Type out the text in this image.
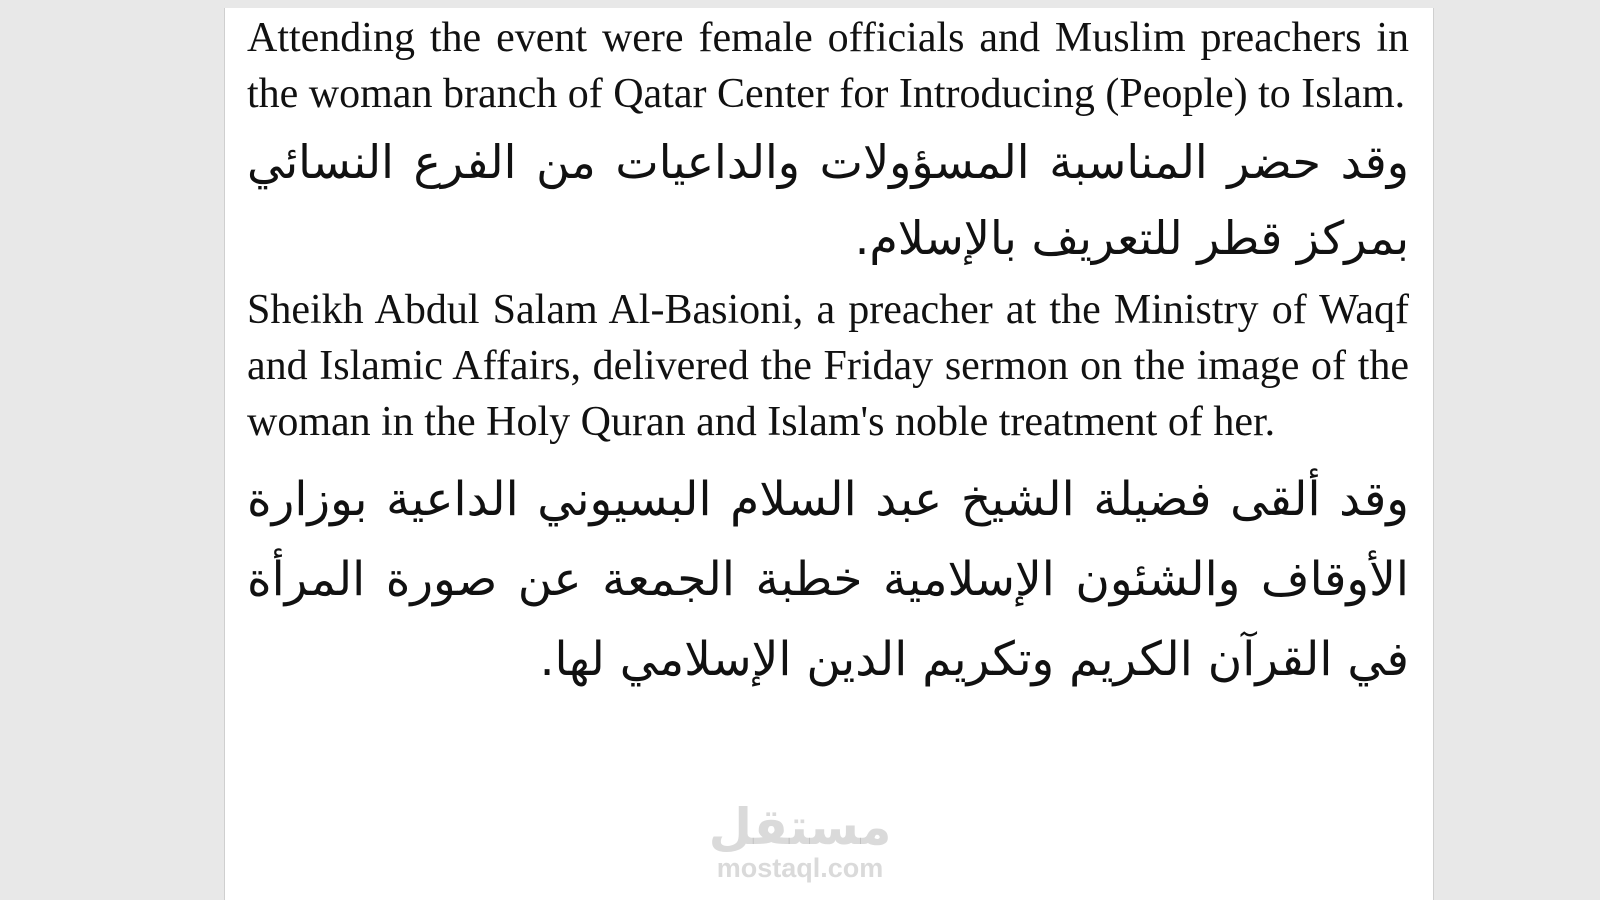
Attending the event were female officials and Muslim preachers in the woman branch of Qatar Center for Introducing (People) to Islam.

وقد حضر المناسبة المسؤولات والداعيات من الفرع النسائي بمركز قطر للتعريف بالإسلام.

Sheikh Abdul Salam Al-Basioni, a preacher at the Ministry of Waqf and Islamic Affairs, delivered the Friday sermon on the image of the woman in the Holy Quran and Islam's noble treatment of her.

وقد ألقى فضيلة الشيخ عبد السلام البسيوني الداعية بوزارة الأوقاف والشئون الإسلامية خطبة الجمعة عن صورة المرأة في القرآن الكريم وتكريم الدين الإسلامي لها.

مستقل
mostaql.com
